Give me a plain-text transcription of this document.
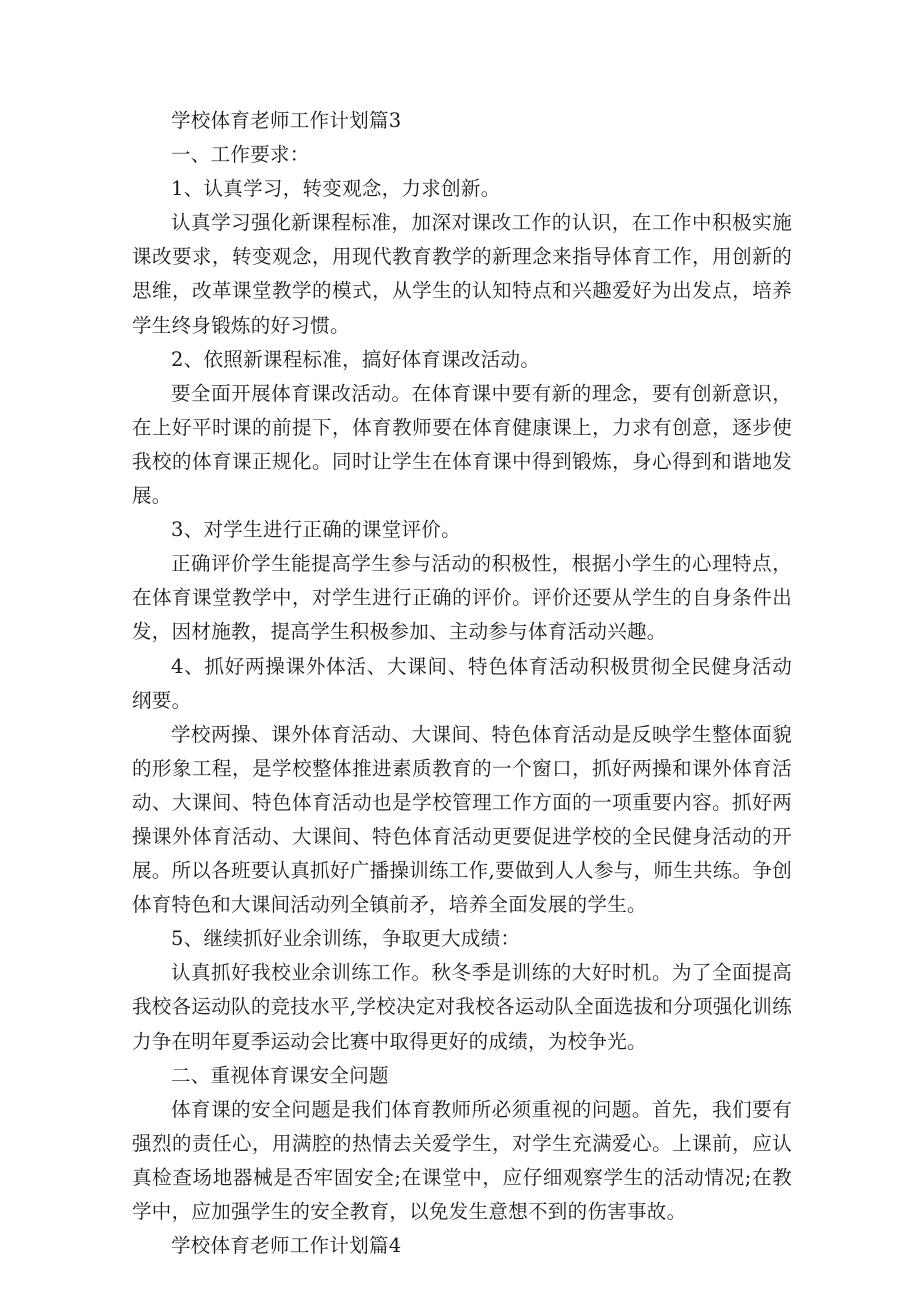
学校体育老师工作计划篇3

一、工作要求：

1、认真学习，转变观念，力求创新。

认真学习强化新课程标准，加深对课改工作的认识，在工作中积极实施课改要求，转变观念，用现代教育教学的新理念来指导体育工作，用创新的思维，改革课堂教学的模式，从学生的认知特点和兴趣爱好为出发点，培养学生终身锻炼的好习惯。

2、依照新课程标准，搞好体育课改活动。

要全面开展体育课改活动。在体育课中要有新的理念，要有创新意识，在上好平时课的前提下，体育教师要在体育健康课上，力求有创意，逐步使我校的体育课正规化。同时让学生在体育课中得到锻炼，身心得到和谐地发展。

3、对学生进行正确的课堂评价。

正确评价学生能提高学生参与活动的积极性，根据小学生的心理特点，在体育课堂教学中，对学生进行正确的评价。评价还要从学生的自身条件出发，因材施教，提高学生积极参加、主动参与体育活动兴趣。

4、抓好两操课外体活、大课间、特色体育活动积极贯彻全民健身活动纲要。

学校两操、课外体育活动、大课间、特色体育活动是反映学生整体面貌的形象工程，是学校整体推进素质教育的一个窗口，抓好两操和课外体育活动、大课间、特色体育活动也是学校管理工作方面的一项重要内容。抓好两操课外体育活动、大课间、特色体育活动更要促进学校的全民健身活动的开展。所以各班要认真抓好广播操训练工作,要做到人人参与，师生共练。争创体育特色和大课间活动列全镇前矛，培养全面发展的学生。

5、继续抓好业余训练，争取更大成绩：

认真抓好我校业余训练工作。秋冬季是训练的大好时机。为了全面提高我校各运动队的竞技水平,学校决定对我校各运动队全面选拔和分项强化训练力争在明年夏季运动会比赛中取得更好的成绩，为校争光。

二、重视体育课安全问题

体育课的安全问题是我们体育教师所必须重视的问题。首先，我们要有强烈的责任心，用满腔的热情去关爱学生，对学生充满爱心。上课前，应认真检查场地器械是否牢固安全;在课堂中，应仔细观察学生的活动情况;在教学中，应加强学生的安全教育，以免发生意想不到的伤害事故。

学校体育老师工作计划篇4
